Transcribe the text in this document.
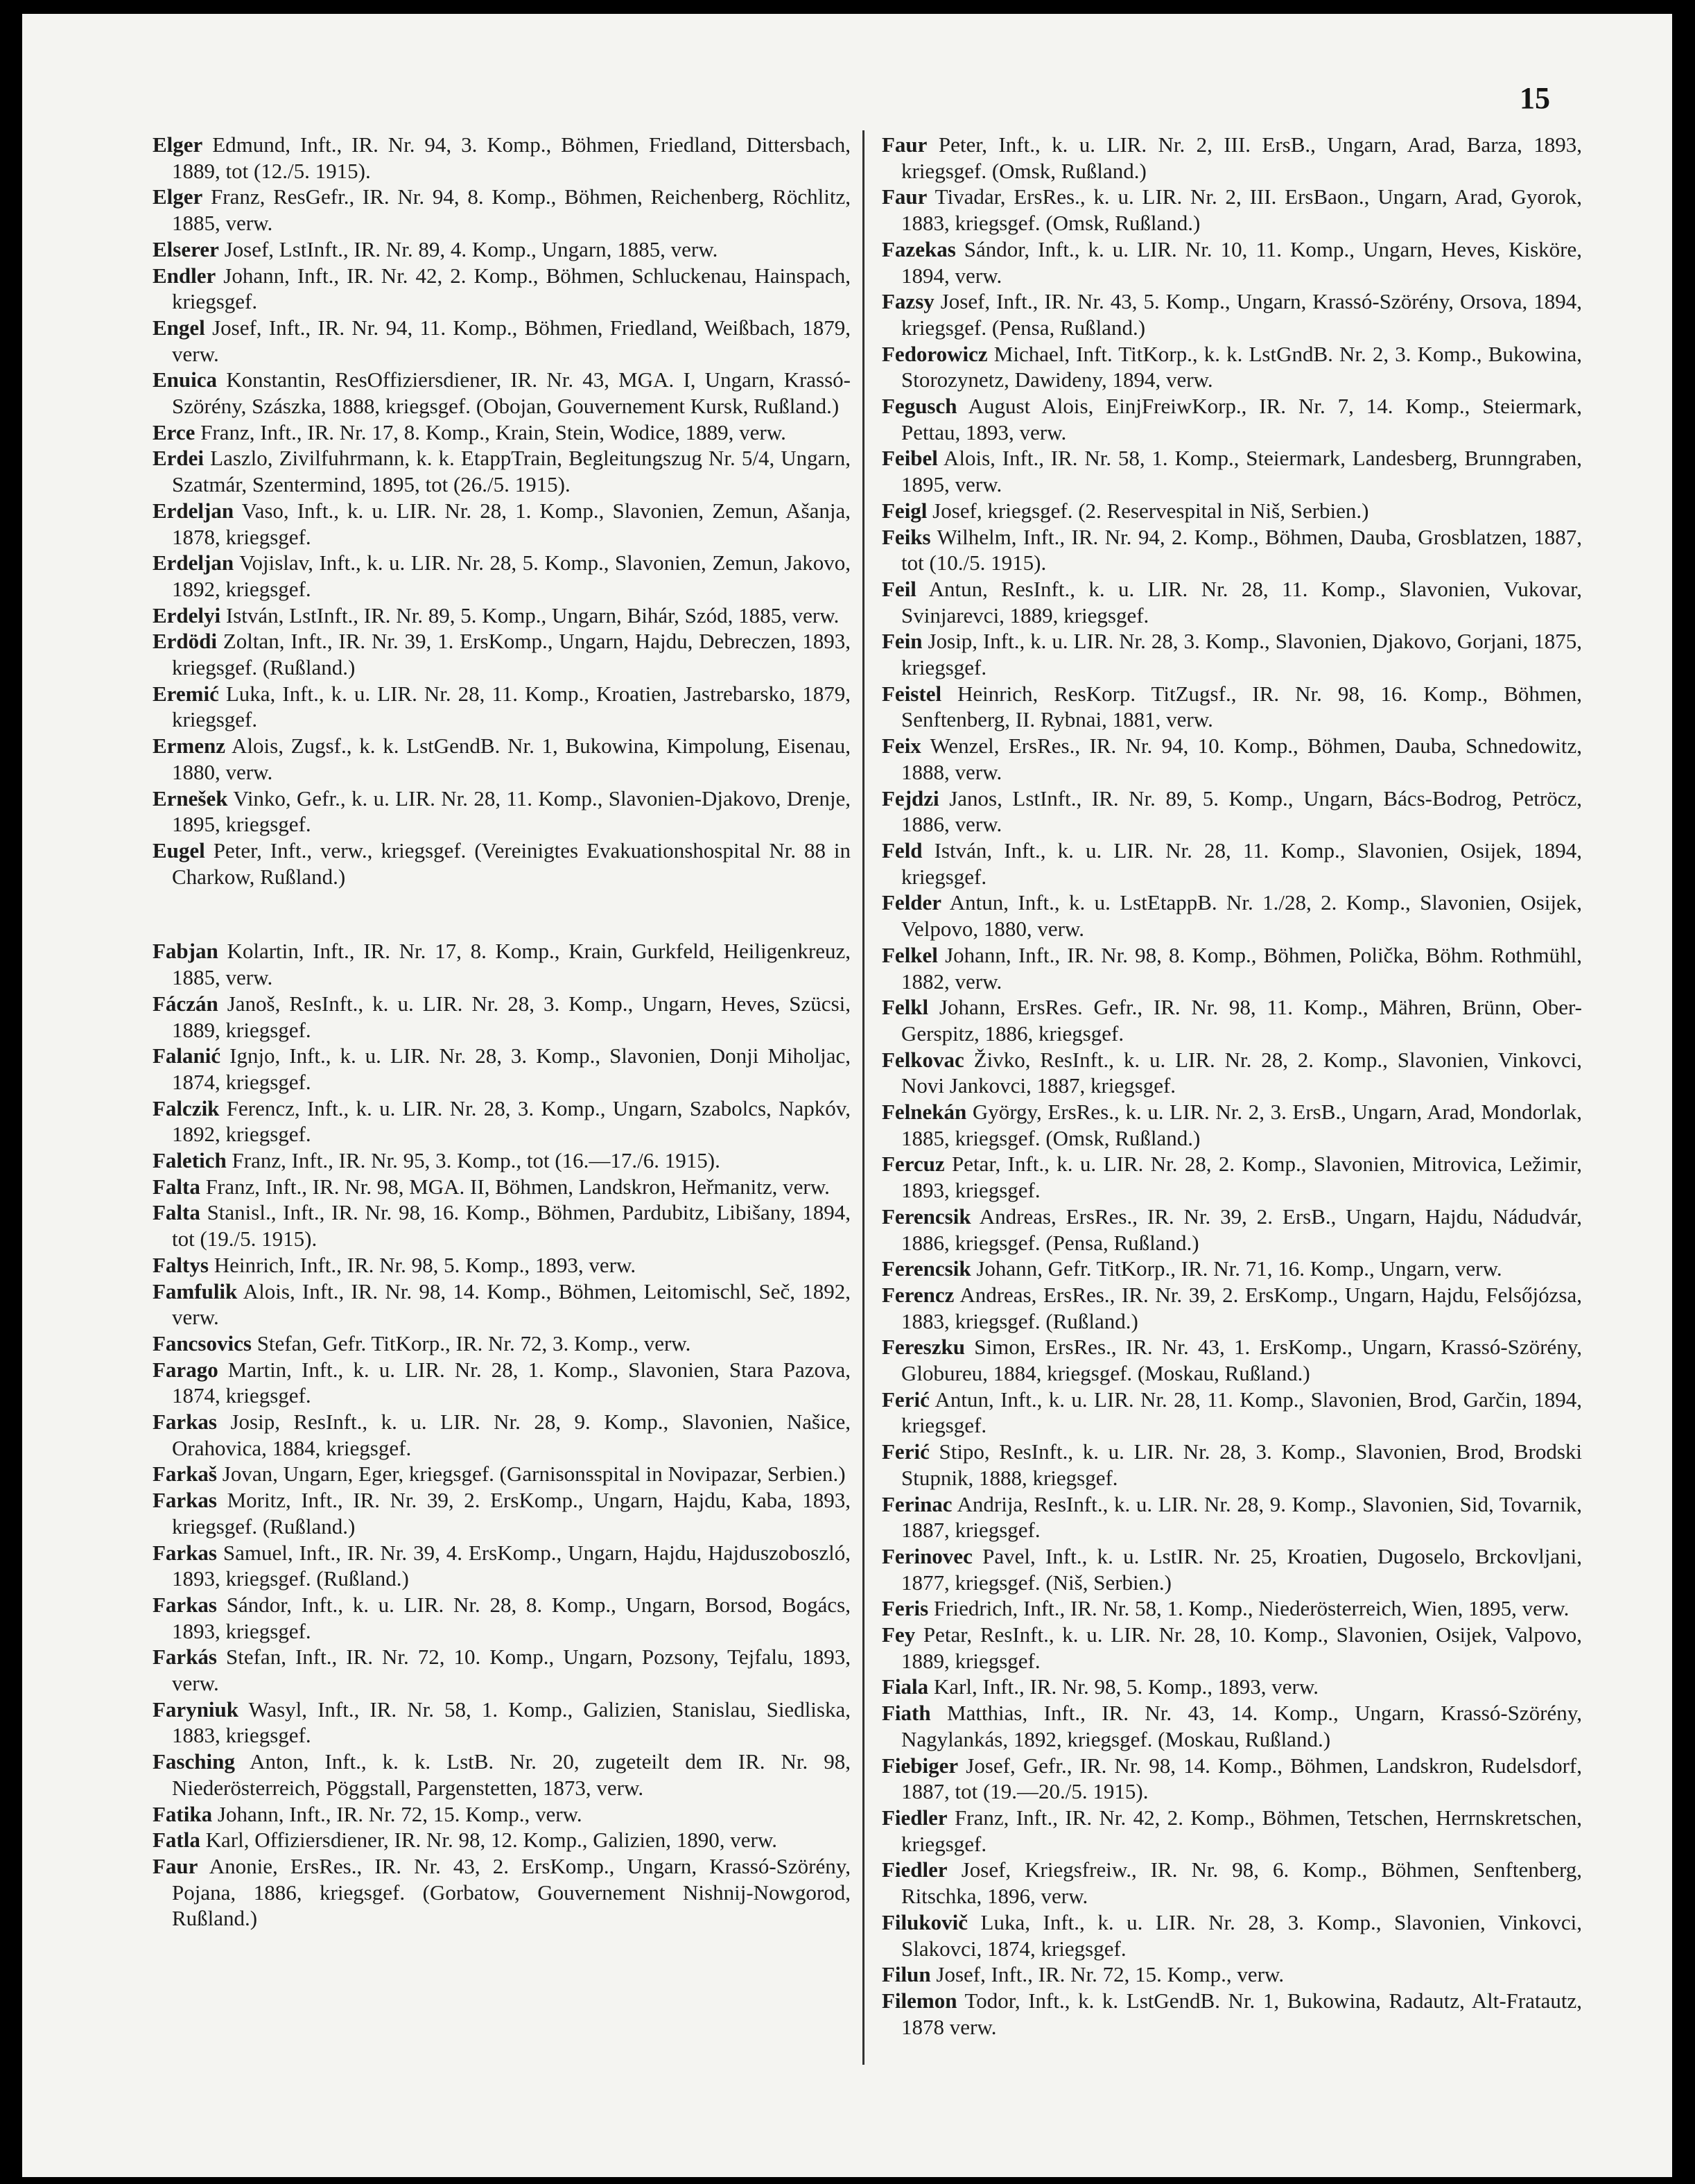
15
Elger Edmund, Inft., IR. Nr. 94, 3. Komp., Böhmen, Friedland, Dittersbach, 1889, tot (12./5. 1915).
Elger Franz, ResGefr., IR. Nr. 94, 8. Komp., Böhmen, Reichenberg, Röchlitz, 1885, verw.
Elserer Josef, LstInft., IR. Nr. 89, 4. Komp., Ungarn, 1885, verw.
Endler Johann, Inft., IR. Nr. 42, 2. Komp., Böhmen, Schluckenau, Hainspach, kriegsgef.
Engel Josef, Inft., IR. Nr. 94, 11. Komp., Böhmen, Friedland, Weißbach, 1879, verw.
Enuica Konstantin, ResOffiziersdiener, IR. Nr. 43, MGA. I, Ungarn, Krassó-Szörény, Szászka, 1888, kriegsgef. (Obojan, Gouvernement Kursk, Rußland.)
Erce Franz, Inft., IR. Nr. 17, 8. Komp., Krain, Stein, Wodice, 1889, verw.
Erdei Laszlo, Zivilfuhrmann, k. k. EtappTrain, Begleitungszug Nr. 5/4, Ungarn, Szatmár, Szentermind, 1895, tot (26./5. 1915).
Erdeljan Vaso, Inft., k. u. LIR. Nr. 28, 1. Komp., Slavonien, Zemun, Ašanja, 1878, kriegsgef.
Erdeljan Vojislav, Inft., k. u. LIR. Nr. 28, 5. Komp., Slavonien, Zemun, Jakovo, 1892, kriegsgef.
Erdelyi István, LstInft., IR. Nr. 89, 5. Komp., Ungarn, Bihár, Szód, 1885, verw.
Erdödi Zoltan, Inft., IR. Nr. 39, 1. ErsKomp., Ungarn, Hajdu, Debreczen, 1893, kriegsgef. (Rußland.)
Eremić Luka, Inft., k. u. LIR. Nr. 28, 11. Komp., Kroatien, Jastrebarsko, 1879, kriegsgef.
Ermenz Alois, Zugsf., k. k. LstGendB. Nr. 1, Bukowina, Kimpolung, Eisenau, 1880, verw.
Ernešek Vinko, Gefr., k. u. LIR. Nr. 28, 11. Komp., Slavonien-Djakovo, Drenje, 1895, kriegsgef.
Eugel Peter, Inft., verw., kriegsgef. (Vereinigtes Evakuationshospital Nr. 88 in Charkow, Rußland.)
Fabjan Kolartin, Inft., IR. Nr. 17, 8. Komp., Krain, Gurkfeld, Heiligenkreuz, 1885, verw.
Fáczán Janoš, ResInft., k. u. LIR. Nr. 28, 3. Komp., Ungarn, Heves, Szücsi, 1889, kriegsgef.
Falanić Ignjo, Inft., k. u. LIR. Nr. 28, 3. Komp., Slavonien, Donji Miholjac, 1874, kriegsgef.
Falczik Ferencz, Inft., k. u. LIR. Nr. 28, 3. Komp., Ungarn, Szabolcs, Napkóv, 1892, kriegsgef.
Faletich Franz, Inft., IR. Nr. 95, 3. Komp., tot (16.—17./6. 1915).
Falta Franz, Inft., IR. Nr. 98, MGA. II, Böhmen, Landskron, Heřmanitz, verw.
Falta Stanisl., Inft., IR. Nr. 98, 16. Komp., Böhmen, Pardubitz, Libišany, 1894, tot (19./5. 1915).
Faltys Heinrich, Inft., IR. Nr. 98, 5. Komp., 1893, verw.
Famfulik Alois, Inft., IR. Nr. 98, 14. Komp., Böhmen, Leitomischl, Seč, 1892, verw.
Fancsovics Stefan, Gefr. TitKorp., IR. Nr. 72, 3. Komp., verw.
Farago Martin, Inft., k. u. LIR. Nr. 28, 1. Komp., Slavonien, Stara Pazova, 1874, kriegsgef.
Farkas Josip, ResInft., k. u. LIR. Nr. 28, 9. Komp., Slavonien, Našice, Orahovica, 1884, kriegsgef.
Farkaš Jovan, Ungarn, Eger, kriegsgef. (Garnisonsspital in Novipazar, Serbien.)
Farkas Moritz, Inft., IR. Nr. 39, 2. ErsKomp., Ungarn, Hajdu, Kaba, 1893, kriegsgef. (Rußland.)
Farkas Samuel, Inft., IR. Nr. 39, 4. ErsKomp., Ungarn, Hajdu, Hajduszoboszló, 1893, kriegsgef. (Rußland.)
Farkas Sándor, Inft., k. u. LIR. Nr. 28, 8. Komp., Ungarn, Borsod, Bogács, 1893, kriegsgef.
Farkás Stefan, Inft., IR. Nr. 72, 10. Komp., Ungarn, Pozsony, Tejfalu, 1893, verw.
Faryniuk Wasyl, Inft., IR. Nr. 58, 1. Komp., Galizien, Stanislau, Siedliska, 1883, kriegsgef.
Fasching Anton, Inft., k. k. LstB. Nr. 20, zugeteilt dem IR. Nr. 98, Niederösterreich, Pöggstall, Pargenstetten, 1873, verw.
Fatika Johann, Inft., IR. Nr. 72, 15. Komp., verw.
Fatla Karl, Offiziersdiener, IR. Nr. 98, 12. Komp., Galizien, 1890, verw.
Faur Anonie, ErsRes., IR. Nr. 43, 2. ErsKomp., Ungarn, Krassó-Szörény, Pojana, 1886, kriegsgef. (Gorbatow, Gouvernement Nishnij-Nowgorod, Rußland.)
Faur Peter, Inft., k. u. LIR. Nr. 2, III. ErsB., Ungarn, Arad, Barza, 1893, kriegsgef. (Omsk, Rußland.)
Faur Tivadar, ErsRes., k. u. LIR. Nr. 2, III. ErsBaon., Ungarn, Arad, Gyorok, 1883, kriegsgef. (Omsk, Rußland.)
Fazekas Sándor, Inft., k. u. LIR. Nr. 10, 11. Komp., Ungarn, Heves, Kisköre, 1894, verw.
Fazsy Josef, Inft., IR. Nr. 43, 5. Komp., Ungarn, Krassó-Szörény, Orsova, 1894, kriegsgef. (Pensa, Rußland.)
Fedorowicz Michael, Inft. TitKorp., k. k. LstGndB. Nr. 2, 3. Komp., Bukowina, Storozynetz, Dawideny, 1894, verw.
Fegusch August Alois, EinjFreiwKorp., IR. Nr. 7, 14. Komp., Steiermark, Pettau, 1893, verw.
Feibel Alois, Inft., IR. Nr. 58, 1. Komp., Steiermark, Landesberg, Brunngraben, 1895, verw.
Feigl Josef, kriegsgef. (2. Reservespital in Niš, Serbien.)
Feiks Wilhelm, Inft., IR. Nr. 94, 2. Komp., Böhmen, Dauba, Grosblatzen, 1887, tot (10./5. 1915).
Feil Antun, ResInft., k. u. LIR. Nr. 28, 11. Komp., Slavonien, Vukovar, Svinjarevci, 1889, kriegsgef.
Fein Josip, Inft., k. u. LIR. Nr. 28, 3. Komp., Slavonien, Djakovo, Gorjani, 1875, kriegsgef.
Feistel Heinrich, ResKorp. TitZugsf., IR. Nr. 98, 16. Komp., Böhmen, Senftenberg, II. Rybnai, 1881, verw.
Feix Wenzel, ErsRes., IR. Nr. 94, 10. Komp., Böhmen, Dauba, Schnedowitz, 1888, verw.
Fejdzi Janos, LstInft., IR. Nr. 89, 5. Komp., Ungarn, Bács-Bodrog, Petröcz, 1886, verw.
Feld István, Inft., k. u. LIR. Nr. 28, 11. Komp., Slavonien, Osijek, 1894, kriegsgef.
Felder Antun, Inft., k. u. LstEtappB. Nr. 1./28, 2. Komp., Slavonien, Osijek, Velpovo, 1880, verw.
Felkel Johann, Inft., IR. Nr. 98, 8. Komp., Böhmen, Polička, Böhm. Rothmühl, 1882, verw.
Felkl Johann, ErsRes. Gefr., IR. Nr. 98, 11. Komp., Mähren, Brünn, Ober-Gerspitz, 1886, kriegsgef.
Felkovac Živko, ResInft., k. u. LIR. Nr. 28, 2. Komp., Slavonien, Vinkovci, Novi Jankovci, 1887, kriegsgef.
Felnekán György, ErsRes., k. u. LIR. Nr. 2, 3. ErsB., Ungarn, Arad, Mondorlak, 1885, kriegsgef. (Omsk, Rußland.)
Fercuz Petar, Inft., k. u. LIR. Nr. 28, 2. Komp., Slavonien, Mitrovica, Ležimir, 1893, kriegsgef.
Ferencsik Andreas, ErsRes., IR. Nr. 39, 2. ErsB., Ungarn, Hajdu, Nádudvár, 1886, kriegsgef. (Pensa, Rußland.)
Ferencsik Johann, Gefr. TitKorp., IR. Nr. 71, 16. Komp., Ungarn, verw.
Ferencz Andreas, ErsRes., IR. Nr. 39, 2. ErsKomp., Ungarn, Hajdu, Felsőjózsa, 1883, kriegsgef. (Rußland.)
Fereszku Simon, ErsRes., IR. Nr. 43, 1. ErsKomp., Ungarn, Krassó-Szörény, Globureu, 1884, kriegsgef. (Moskau, Rußland.)
Ferić Antun, Inft., k. u. LIR. Nr. 28, 11. Komp., Slavonien, Brod, Garčin, 1894, kriegsgef.
Ferić Stipo, ResInft., k. u. LIR. Nr. 28, 3. Komp., Slavonien, Brod, Brodski Stupnik, 1888, kriegsgef.
Ferinac Andrija, ResInft., k. u. LIR. Nr. 28, 9. Komp., Slavonien, Sid, Tovarnik, 1887, kriegsgef.
Ferinovec Pavel, Inft., k. u. LstIR. Nr. 25, Kroatien, Dugoselo, Brckovljani, 1877, kriegsgef. (Niš, Serbien.)
Feris Friedrich, Inft., IR. Nr. 58, 1. Komp., Niederösterreich, Wien, 1895, verw.
Fey Petar, ResInft., k. u. LIR. Nr. 28, 10. Komp., Slavonien, Osijek, Valpovo, 1889, kriegsgef.
Fiala Karl, Inft., IR. Nr. 98, 5. Komp., 1893, verw.
Fiath Matthias, Inft., IR. Nr. 43, 14. Komp., Ungarn, Krassó-Szörény, Nagylankás, 1892, kriegsgef. (Moskau, Rußland.)
Fiebiger Josef, Gefr., IR. Nr. 98, 14. Komp., Böhmen, Landskron, Rudelsdorf, 1887, tot (19.—20./5. 1915).
Fiedler Franz, Inft., IR. Nr. 42, 2. Komp., Böhmen, Tetschen, Herrnskretschen, kriegsgef.
Fiedler Josef, Kriegsfreiw., IR. Nr. 98, 6. Komp., Böhmen, Senftenberg, Ritschka, 1896, verw.
Filukovič Luka, Inft., k. u. LIR. Nr. 28, 3. Komp., Slavonien, Vinkovci, Slakovci, 1874, kriegsgef.
Filun Josef, Inft., IR. Nr. 72, 15. Komp., verw.
Filemon Todor, Inft., k. k. LstGendB. Nr. 1, Bukowina, Radautz, Alt-Fratautz, 1878 verw.
